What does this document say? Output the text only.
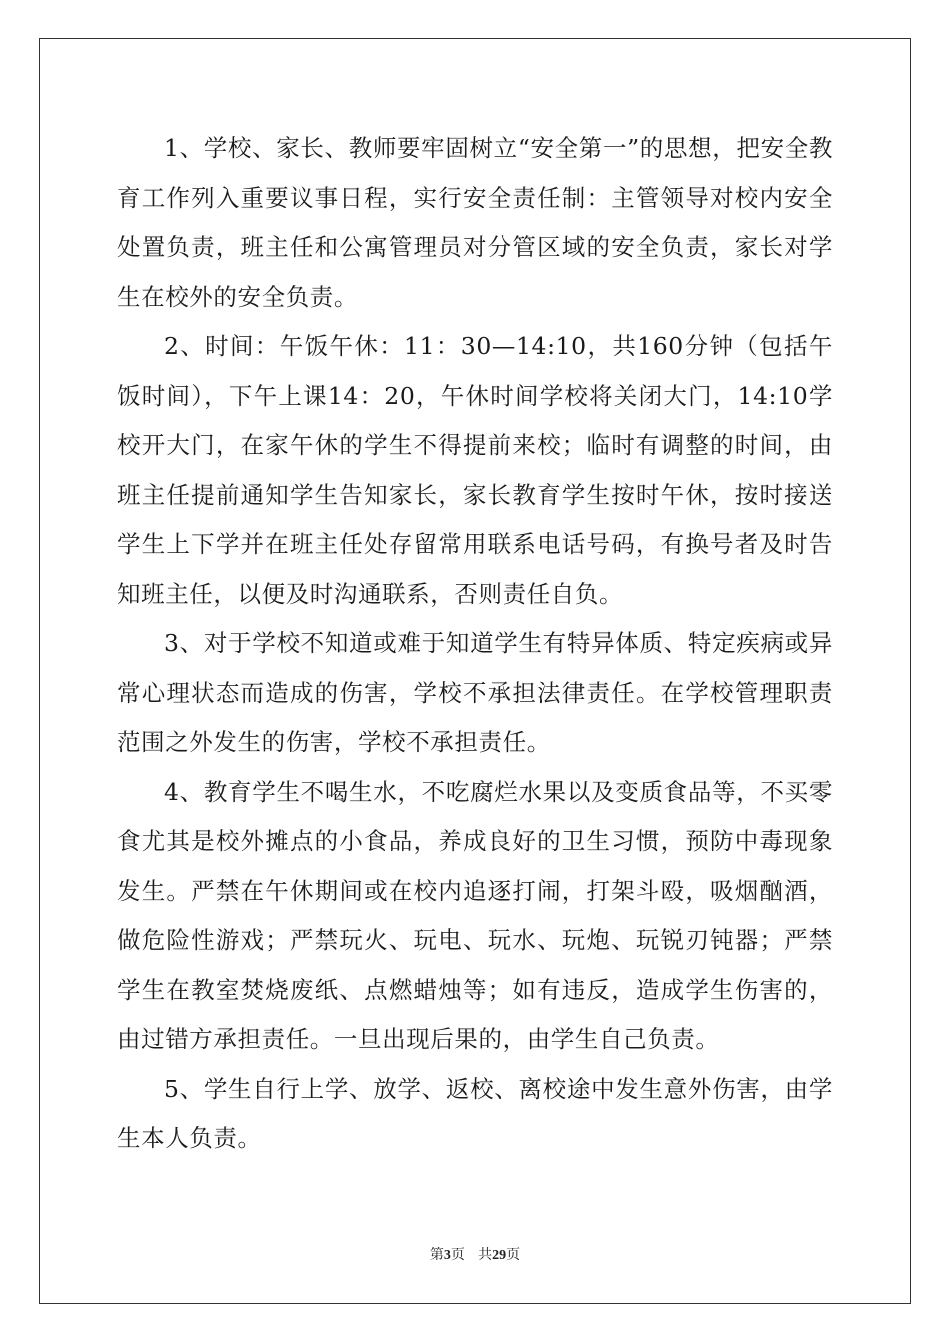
1、学校、家长、教师要牢固树立“安全第一”的思想，把安全教育工作列入重要议事日程，实行安全责任制：主管领导对校内安全处置负责，班主任和公寓管理员对分管区域的安全负责，家长对学生在校外的安全负责。

2、时间：午饭午休：11：30—14:10，共160分钟（包括午饭时间），下午上课14：20，午休时间学校将关闭大门，14:10学校开大门，在家午休的学生不得提前来校；临时有调整的时间，由班主任提前通知学生告知家长，家长教育学生按时午休，按时接送学生上下学并在班主任处存留常用联系电话号码，有换号者及时告知班主任，以便及时沟通联系，否则责任自负。

3、对于学校不知道或难于知道学生有特异体质、特定疾病或异常心理状态而造成的伤害，学校不承担法律责任。在学校管理职责范围之外发生的伤害，学校不承担责任。

4、教育学生不喝生水，不吃腐烂水果以及变质食品等，不买零食尤其是校外摊点的小食品，养成良好的卫生习惯，预防中毒现象发生。严禁在午休期间或在校内追逐打闹，打架斗殴，吸烟酗酒，做危险性游戏；严禁玩火、玩电、玩水、玩炮、玩锐刃钝器；严禁学生在教室焚烧废纸、点燃蜡烛等；如有违反，造成学生伤害的，由过错方承担责任。一旦出现后果的，由学生自己负责。

5、学生自行上学、放学、返校、离校途中发生意外伤害，由学生本人负责。

第3页 共29页
